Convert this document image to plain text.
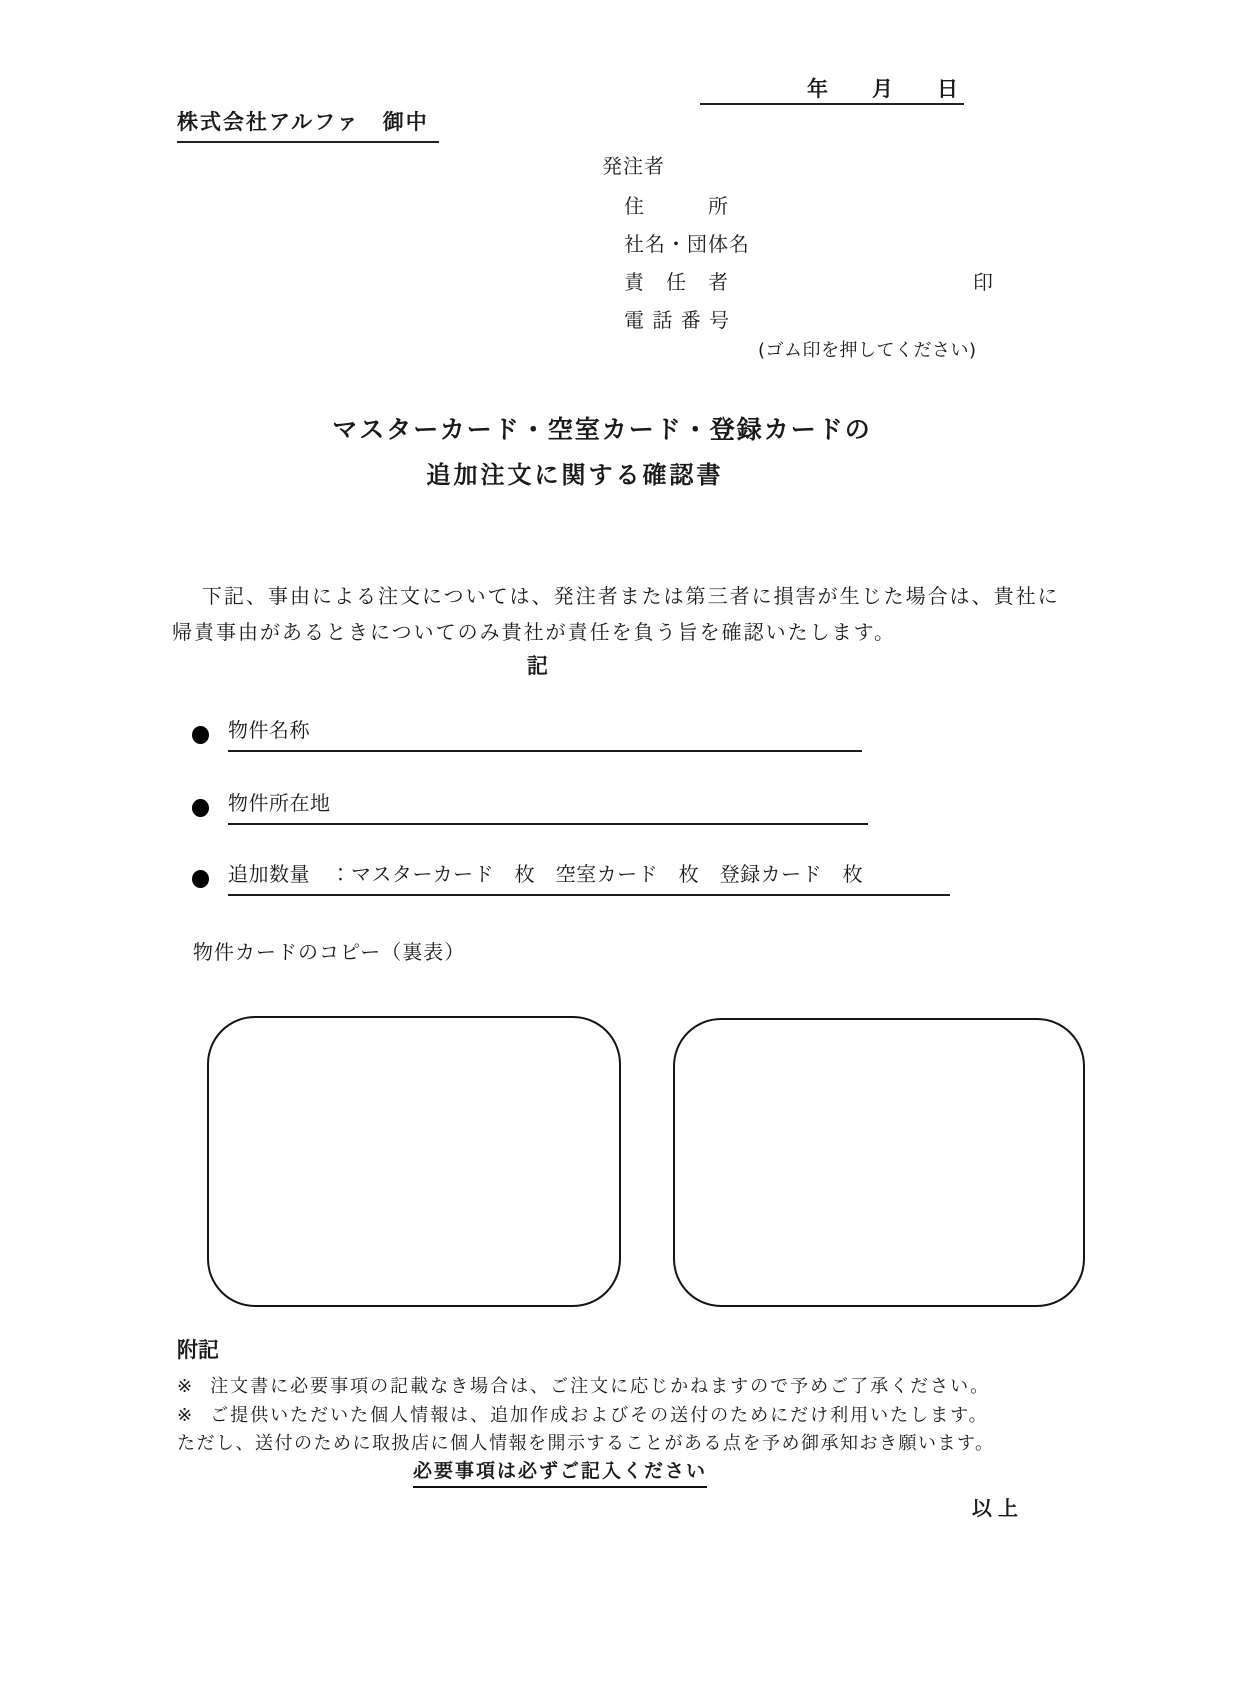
年 月 日
株式会社アルファ　御中
発注者
住　　　所
社名・団体名
責　任　者	印
電 話 番 号
(ゴム印を押してください)
マスターカード・空室カード・登録カードの
追加注文に関する確認書
下記、事由による注文については、発注者または第三者に損害が生じた場合は、貴社に
帰責事由があるときについてのみ貴社が責任を負う旨を確認いたします。
記
物件名称
物件所在地
追加数量　：マスターカード　枚　空室カード　枚　登録カード　枚
物件カードのコピー（裏表）
附記
※ 注文書に必要事項の記載なき場合は、ご注文に応じかねますので予めご了承ください。
※ ご提供いただいた個人情報は、追加作成およびその送付のためにだけ利用いたします。
ただし、送付のために取扱店に個人情報を開示することがある点を予め御承知おき願います。
必要事項は必ずご記入ください
以上
